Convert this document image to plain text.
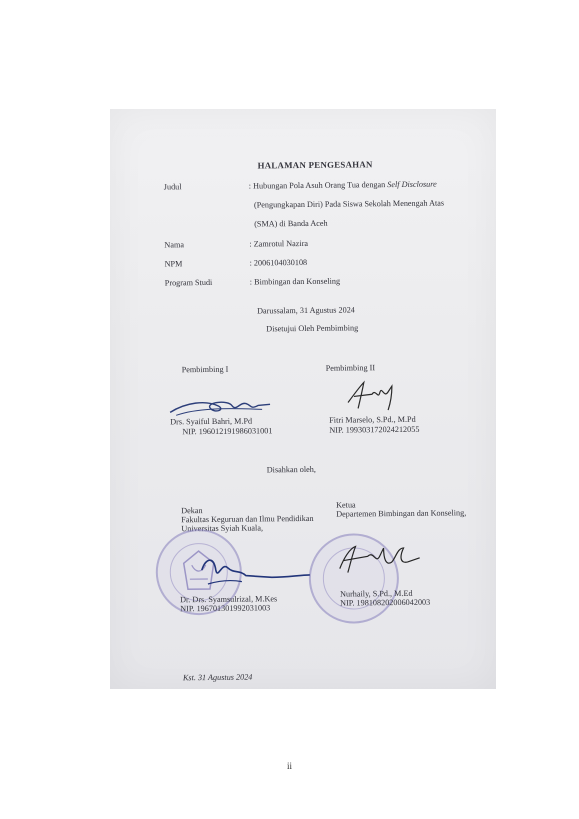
HALAMAN PENGESAHAN
Judul	: Hubungan Pola Asuh Orang Tua dengan Self Disclosure
(Pengungkapan Diri) Pada Siswa Sekolah Menengah Atas
(SMA) di Banda Aceh
Nama	: Zamrotul Nazira
NPM	: 2006104030108
Program Studi	: Bimbingan dan Konseling
Darussalam, 31 Agustus 2024
Disetujui Oleh Pembimbing
Pembimbing I	Pembimbing II
Drs. Syaiful Bahri, M.Pd
NIP. 196012191986031001
Fitri Marselo, S.Pd., M.Pd
NIP. 199303172024212055
Disahkan oleh,
Dekan
Fakultas Keguruan dan Ilmu Pendidikan
Universitas Syiah Kuala,
Ketua
Departemen Bimbingan dan Konseling,
Dr. Drs. Syamsulrizal, M.Kes
NIP. 196701301992031003
Nurhaily, S.Pd., M.Ed
NIP. 198108202006042003
Kst. 31 Agustus 2024
ii
